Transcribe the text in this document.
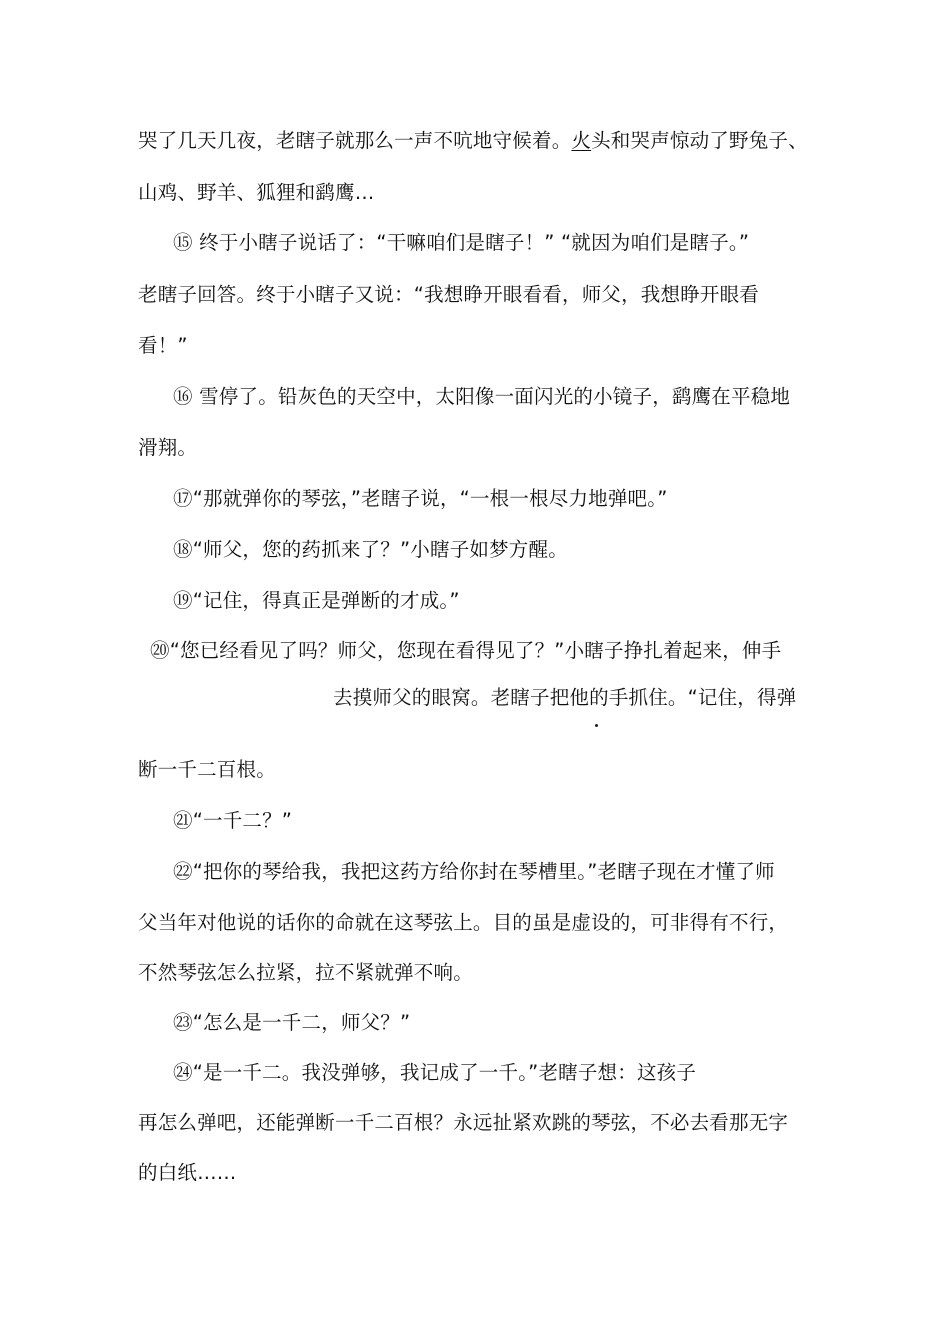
哭了几天几夜，老瞎子就那么一声不吭地守候着。火头和哭声惊动了野兔子、
山鸡、野羊、狐狸和鹞鹰…
⑮ 终于小瞎子说话了：“干嘛咱们是瞎子！” “就因为咱们是瞎子。”
老瞎子回答。终于小瞎子又说：“我想睁开眼看看，师父，我想睁开眼看
看！”
⑯ 雪停了。铅灰色的天空中，太阳像一面闪光的小镜子，鹞鹰在平稳地
滑翔。
⑰“那就弹你的琴弦，”老瞎子说，“一根一根尽力地弹吧。”
⑱“师父，您的药抓来了？”小瞎子如梦方醒。
⑲“记住，得真正是弹断的才成。”
⑳“您已经看见了吗？师父，您现在看得见了？”小瞎子挣扎着起来，伸手
去摸师父的眼窝。老瞎子把他的手抓住。“记住，得弹
断一千二百根。
㉑“一千二？”
㉒“把你的琴给我，我把这药方给你封在琴槽里。”老瞎子现在才懂了师
父当年对他说的话你的命就在这琴弦上。目的虽是虚设的，可非得有不行，
不然琴弦怎么拉紧，拉不紧就弹不响。
㉓“怎么是一千二，师父？”
㉔“是一千二。我没弹够，我记成了一千。”老瞎子想：这孩子
再怎么弹吧，还能弹断一千二百根？永远扯紧欢跳的琴弦，不必去看那无字
的白纸……
